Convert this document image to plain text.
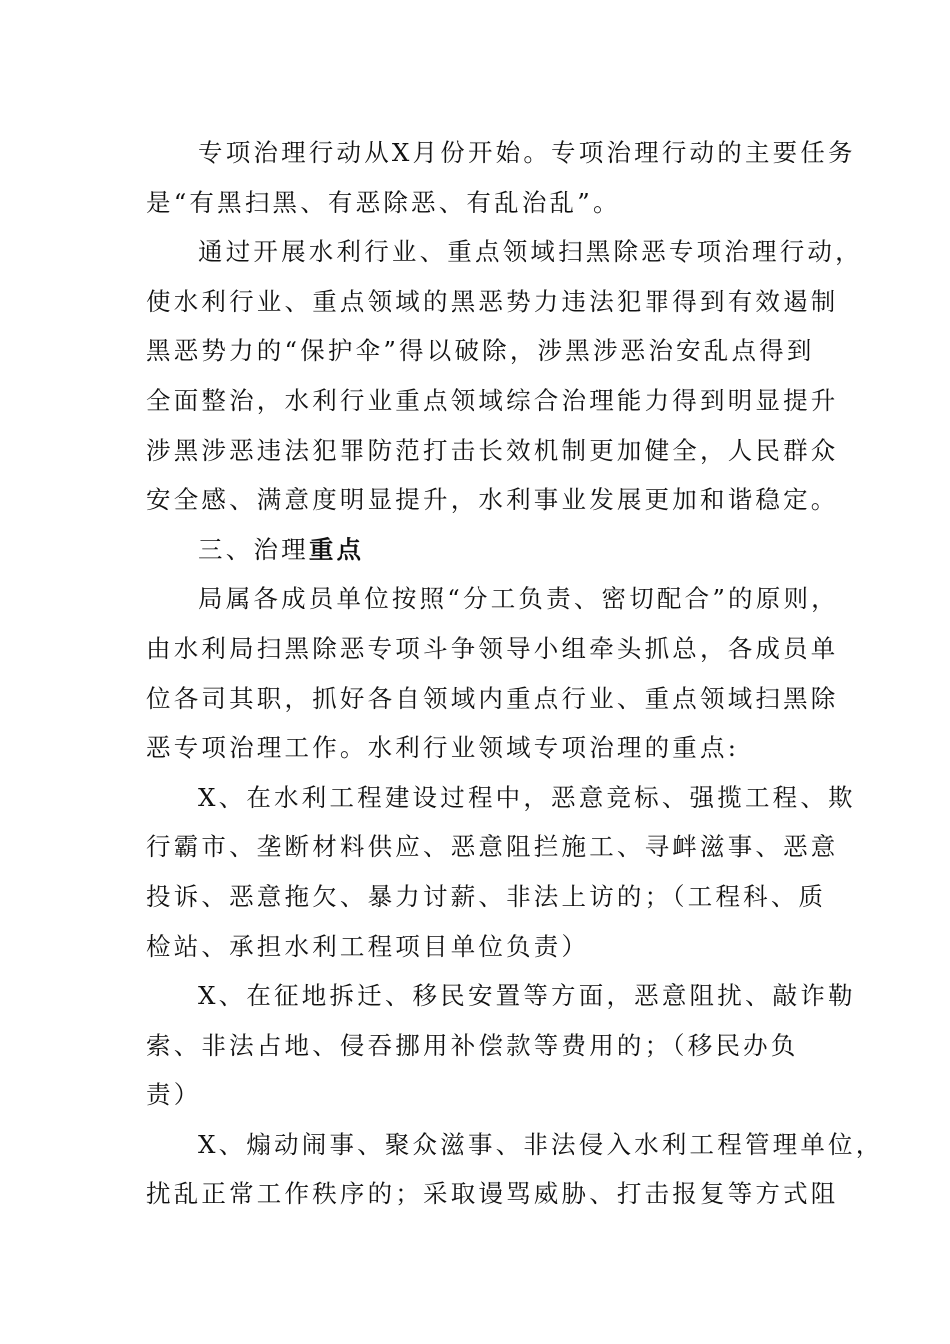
专项治理行动从X月份开始。专项治理行动的主要任务
是“有黑扫黑、有恶除恶、有乱治乱”。
通过开展水利行业、重点领域扫黑除恶专项治理行动，
使水利行业、重点领域的黑恶势力违法犯罪得到有效遏制
黑恶势力的“保护伞”得以破除，涉黑涉恶治安乱点得到
全面整治，水利行业重点领域综合治理能力得到明显提升
涉黑涉恶违法犯罪防范打击长效机制更加健全，人民群众
安全感、满意度明显提升，水利事业发展更加和谐稳定。
三、治理重点
局属各成员单位按照“分工负责、密切配合”的原则，
由水利局扫黑除恶专项斗争领导小组牵头抓总，各成员单
位各司其职，抓好各自领域内重点行业、重点领域扫黑除
恶专项治理工作。水利行业领域专项治理的重点:
X、在水利工程建设过程中，恶意竞标、强揽工程、欺
行霸市、垄断材料供应、恶意阻拦施工、寻衅滋事、恶意
投诉、恶意拖欠、暴力讨薪、非法上访的；（工程科、质
检站、承担水利工程项目单位负责）
X、在征地拆迁、移民安置等方面，恶意阻扰、敲诈勒
索、非法占地、侵吞挪用补偿款等费用的；（移民办负
责）
X、煽动闹事、聚众滋事、非法侵入水利工程管理单位，
扰乱正常工作秩序的；采取谩骂威胁、打击报复等方式阻
